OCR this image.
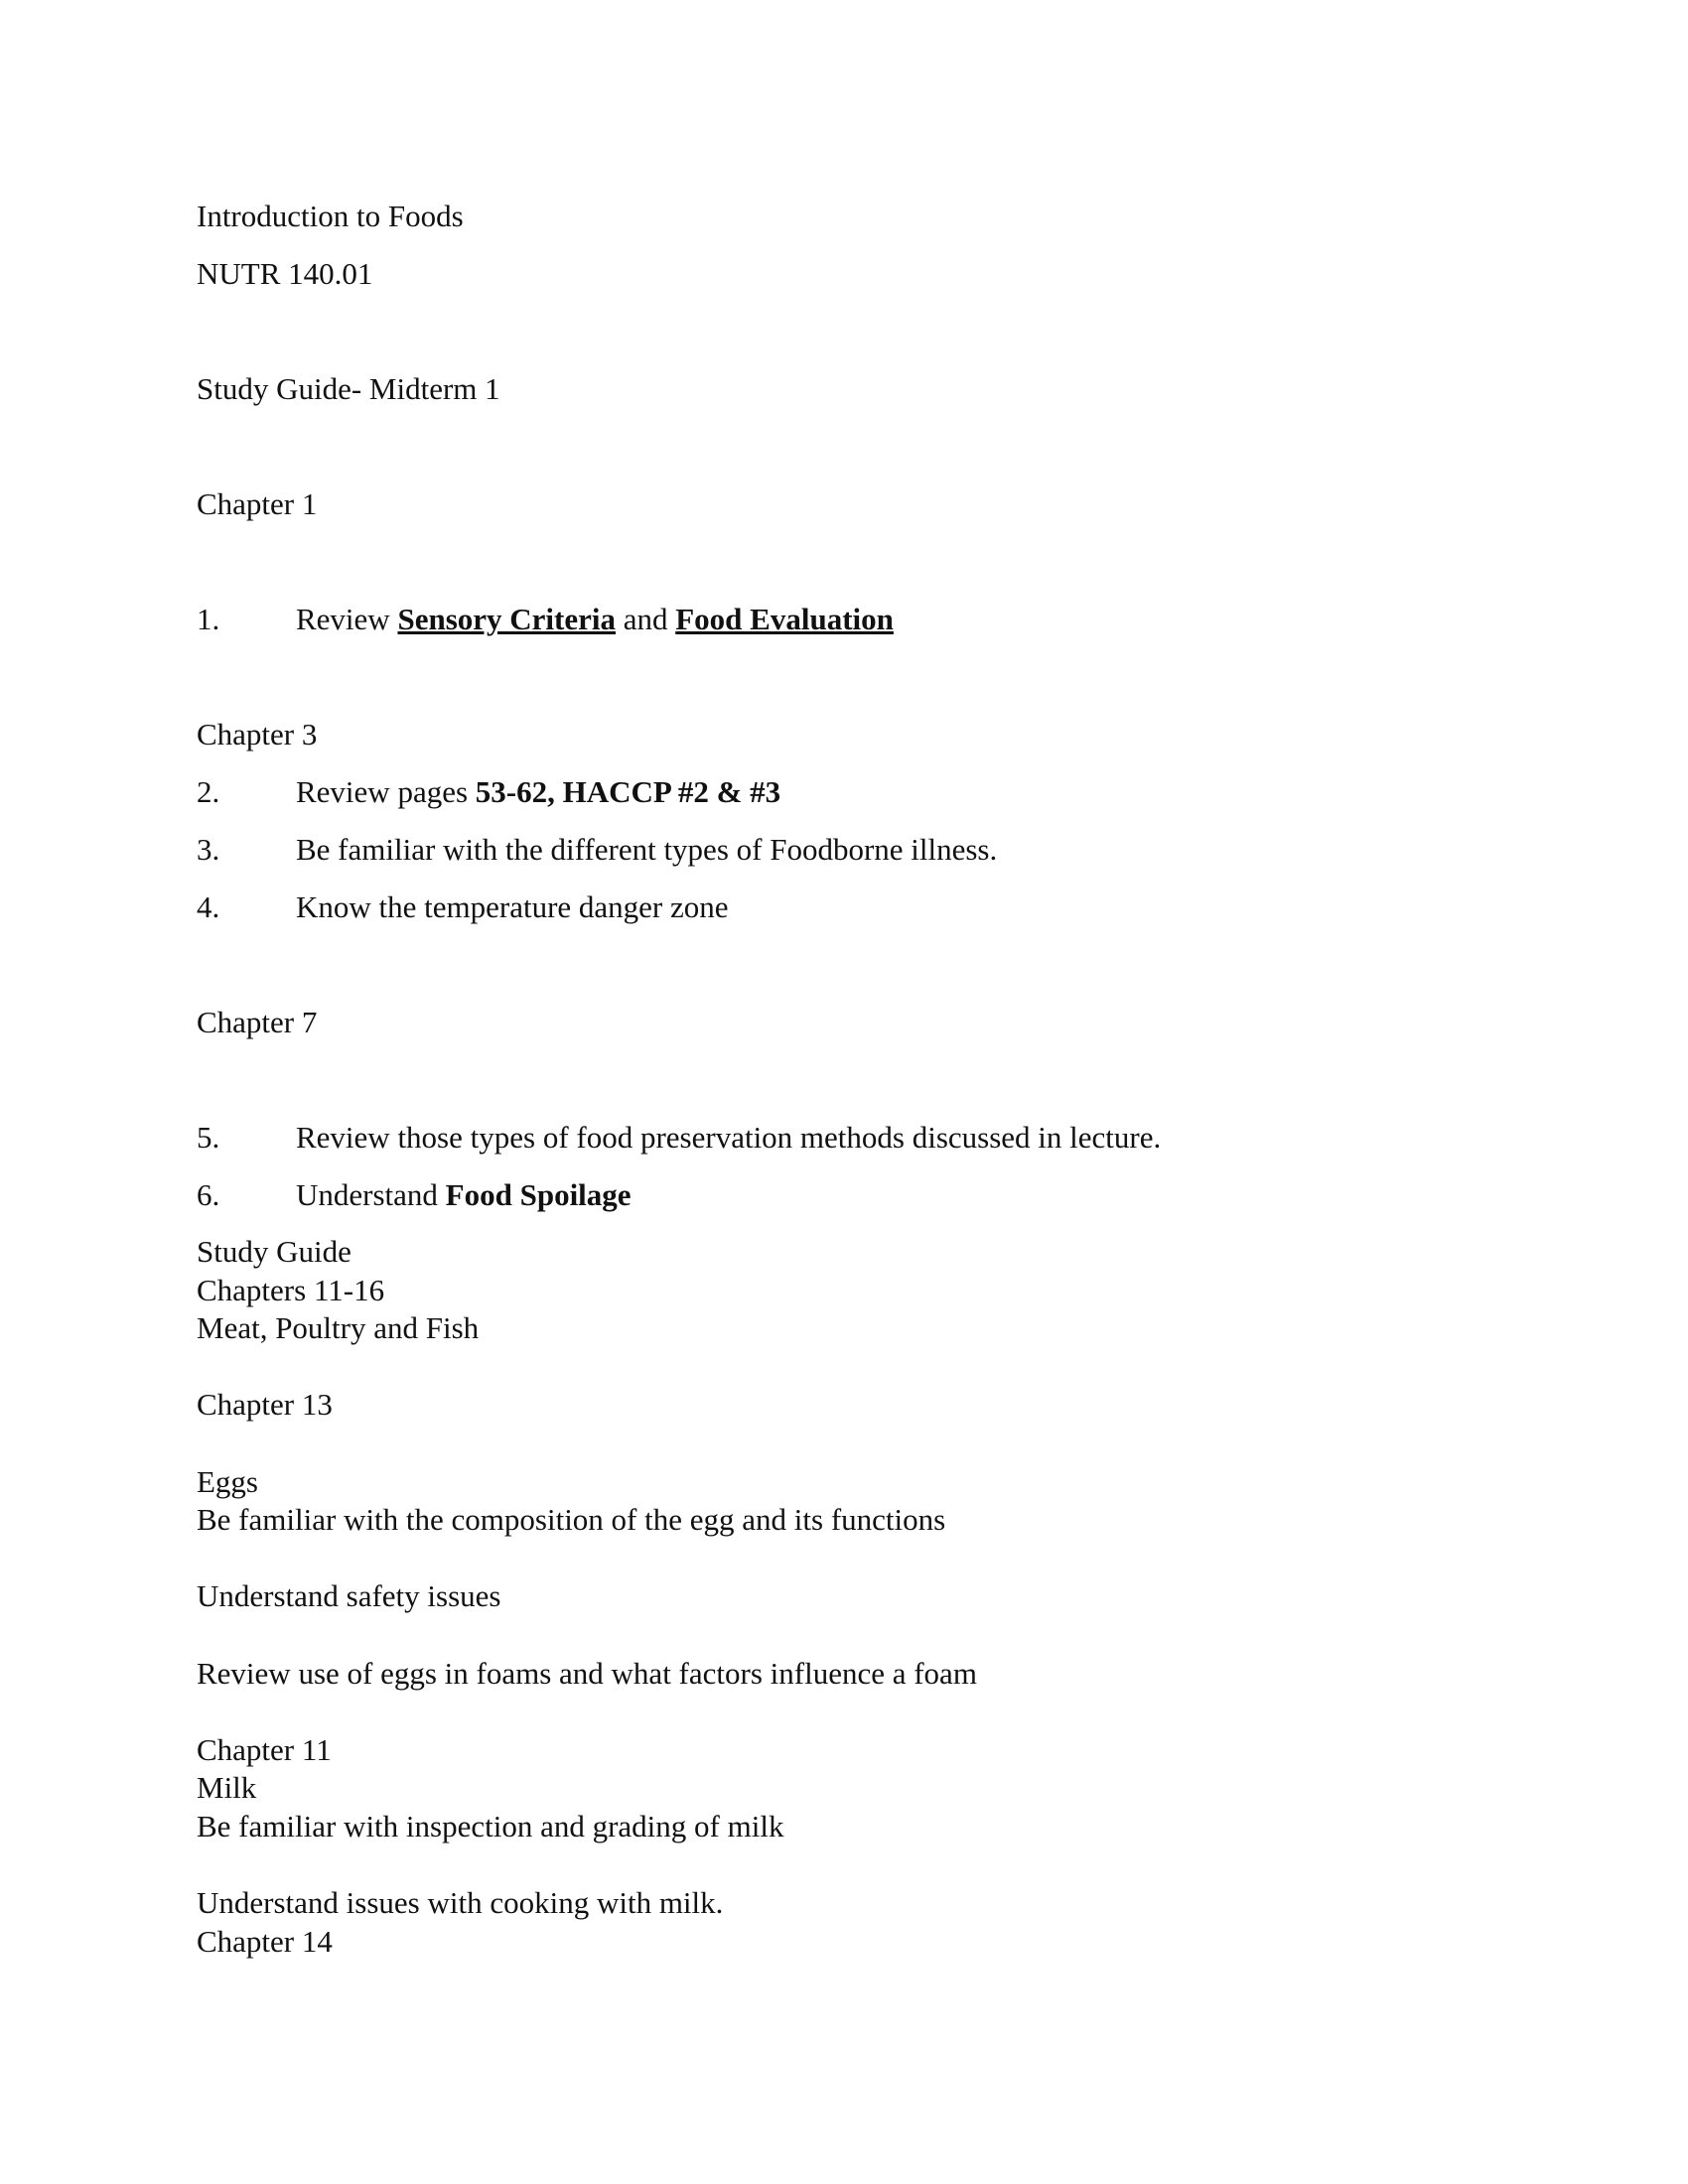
Introduction to Foods
NUTR 140.01
Study Guide- Midterm 1
Chapter 1
1. Review Sensory Criteria and Food Evaluation
Chapter 3
2. Review pages 53-62, HACCP #2 & #3
3. Be familiar with the different types of Foodborne illness.
4. Know the temperature danger zone
Chapter 7
5. Review those types of food preservation methods discussed in lecture.
6. Understand Food Spoilage
Study Guide
Chapters 11-16
Meat, Poultry and Fish
Chapter 13
Eggs
Be familiar with the composition of the egg and its functions
Understand safety issues
Review use of eggs in foams and what factors influence a foam
Chapter 11
Milk
Be familiar with inspection and grading of milk
Understand issues with cooking with milk.
Chapter 14
